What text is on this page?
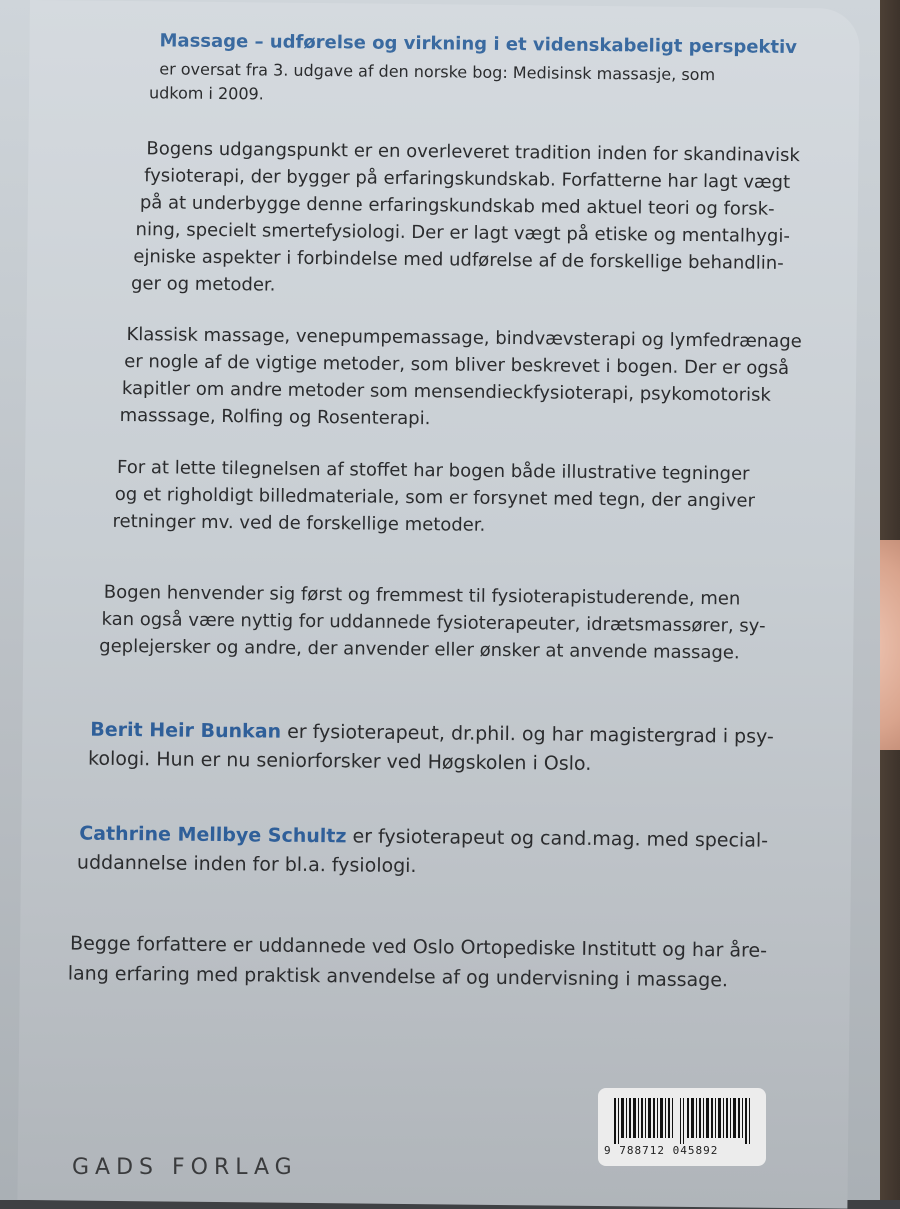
Massage – udførelse og virkning i et videnskabeligt perspektiv

er oversat fra 3. udgave af den norske bog: Medisinsk massasje, som

udkom i 2009.

Bogens udgangspunkt er en overleveret tradition inden for skandinavisk

fysioterapi, der bygger på erfaringskundskab. Forfatterne har lagt vægt

på at underbygge denne erfaringskundskab med aktuel teori og forsk-

ning, specielt smertefysiologi. Der er lagt vægt på etiske og mentalhygi-

ejniske aspekter i forbindelse med udførelse af de forskellige behandlin-

ger og metoder.

Klassisk massage, venepumpemassage, bindvævsterapi og lymfedrænage

er nogle af de vigtige metoder, som bliver beskrevet i bogen. Der er også

kapitler om andre metoder som mensendieckfysioterapi, psykomotorisk

masssage, Rolfing og Rosenterapi.

For at lette tilegnelsen af stoffet har bogen både illustrative tegninger

og et righoldigt billedmateriale, som er forsynet med tegn, der angiver

retninger mv. ved de forskellige metoder.

Bogen henvender sig først og fremmest til fysioterapistuderende, men

kan også være nyttig for uddannede fysioterapeuter, idrætsmassører, sy-

geplejersker og andre, der anvender eller ønsker at anvende massage.

Berit Heir Bunkan er fysioterapeut, dr.phil. og har magistergrad i psy-

kologi. Hun er nu seniorforsker ved Høgskolen i Oslo.

Cathrine Mellbye Schultz er fysioterapeut og cand.mag. med special-

uddannelse inden for bl.a. fysiologi.

Begge forfattere er uddannede ved Oslo Ortopediske Institutt og har åre-

lang erfaring med praktisk anvendelse af og undervisning i massage.

9 788712 045892
GADS FORLAG
